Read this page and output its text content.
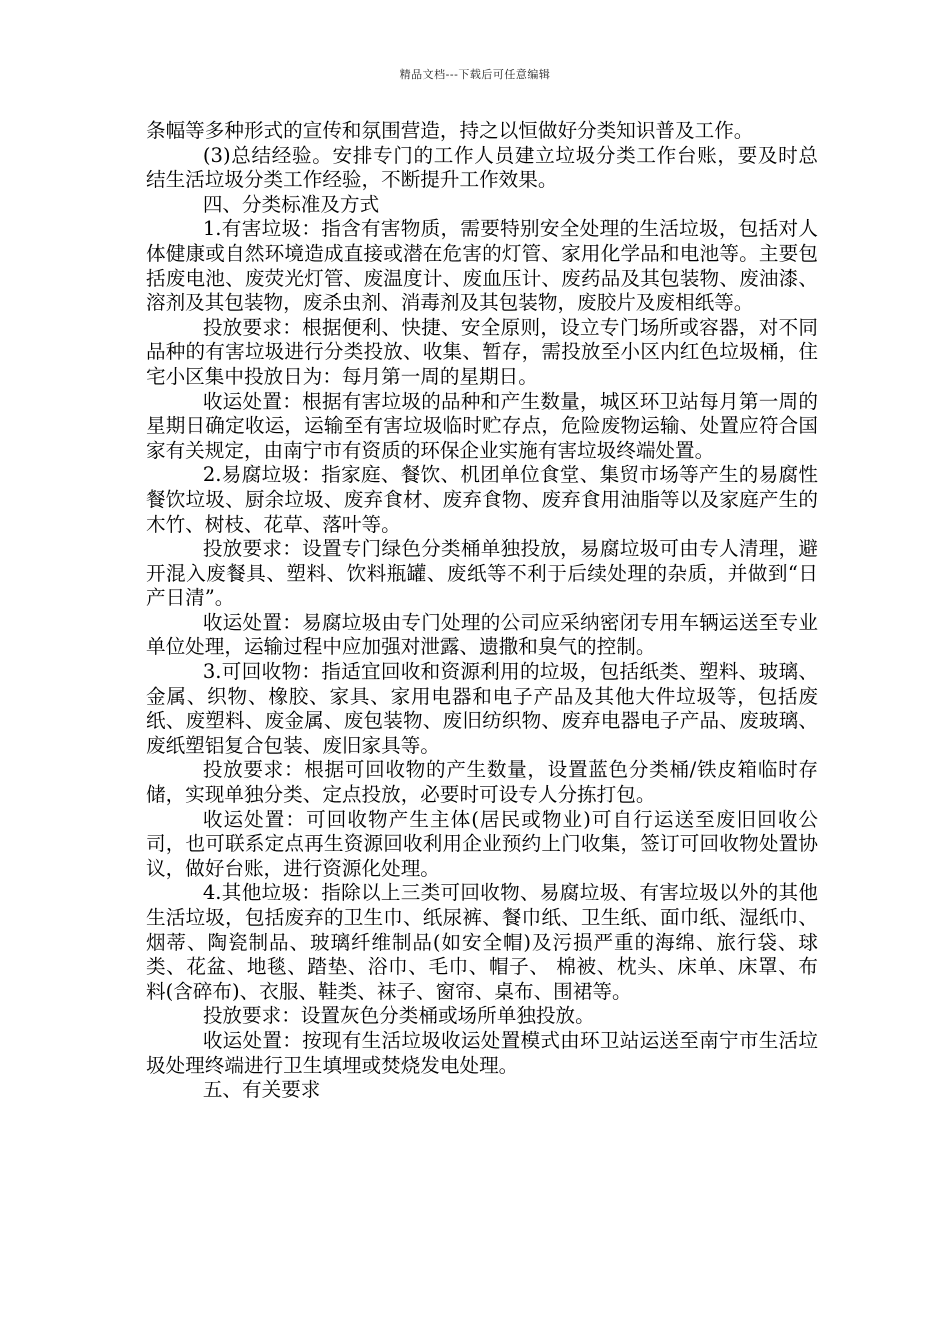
精品文档---下载后可任意编辑

条幅等多种形式的宣传和氛围营造，持之以恒做好分类知识普及工作。

(3)总结经验。安排专门的工作人员建立垃圾分类工作台账，要及时总结生活垃圾分类工作经验，不断提升工作效果。

四、分类标准及方式

1.有害垃圾：指含有害物质，需要特别安全处理的生活垃圾，包括对人体健康或自然环境造成直接或潜在危害的灯管、家用化学品和电池等。主要包括废电池、废荧光灯管、废温度计、废血压计、废药品及其包装物、废油漆、溶剂及其包装物，废杀虫剂、消毒剂及其包装物，废胶片及废相纸等。

投放要求：根据便利、快捷、安全原则，设立专门场所或容器，对不同品种的有害垃圾进行分类投放、收集、暂存，需投放至小区内红色垃圾桶，住宅小区集中投放日为：每月第一周的星期日。

收运处置：根据有害垃圾的品种和产生数量，城区环卫站每月第一周的星期日确定收运，运输至有害垃圾临时贮存点，危险废物运输、处置应符合国家有关规定，由南宁市有资质的环保企业实施有害垃圾终端处置。

2.易腐垃圾：指家庭、餐饮、机团单位食堂、集贸市场等产生的易腐性餐饮垃圾、厨余垃圾、废弃食材、废弃食物、废弃食用油脂等以及家庭产生的木竹、树枝、花草、落叶等。

投放要求：设置专门绿色分类桶单独投放，易腐垃圾可由专人清理，避开混入废餐具、塑料、饮料瓶罐、废纸等不利于后续处理的杂质，并做到“日产日清”。

收运处置：易腐垃圾由专门处理的公司应采纳密闭专用车辆运送至专业单位处理，运输过程中应加强对泄露、遗撒和臭气的控制。

3.可回收物：指适宜回收和资源利用的垃圾，包括纸类、塑料、玻璃、金属、织物、橡胶、家具、家用电器和电子产品及其他大件垃圾等，包括废纸、废塑料、废金属、废包装物、废旧纺织物、废弃电器电子产品、废玻璃、废纸塑铝复合包装、废旧家具等。

投放要求：根据可回收物的产生数量，设置蓝色分类桶/铁皮箱临时存储，实现单独分类、定点投放，必要时可设专人分拣打包。

收运处置：可回收物产生主体(居民或物业)可自行运送至废旧回收公司，也可联系定点再生资源回收利用企业预约上门收集，签订可回收物处置协议，做好台账，进行资源化处理。

4.其他垃圾：指除以上三类可回收物、易腐垃圾、有害垃圾以外的其他生活垃圾，包括废弃的卫生巾、纸尿裤、餐巾纸、卫生纸、面巾纸、湿纸巾、烟蒂、陶瓷制品、玻璃纤维制品(如安全帽)及污损严重的海绵、旅行袋、球类、花盆、地毯、踏垫、浴巾、毛巾、帽子、 棉被、枕头、床单、床罩、布料(含碎布)、衣服、鞋类、袜子、窗帘、桌布、围裙等。

投放要求：设置灰色分类桶或场所单独投放。

收运处置：按现有生活垃圾收运处置模式由环卫站运送至南宁市生活垃圾处理终端进行卫生填埋或焚烧发电处理。

五、有关要求
